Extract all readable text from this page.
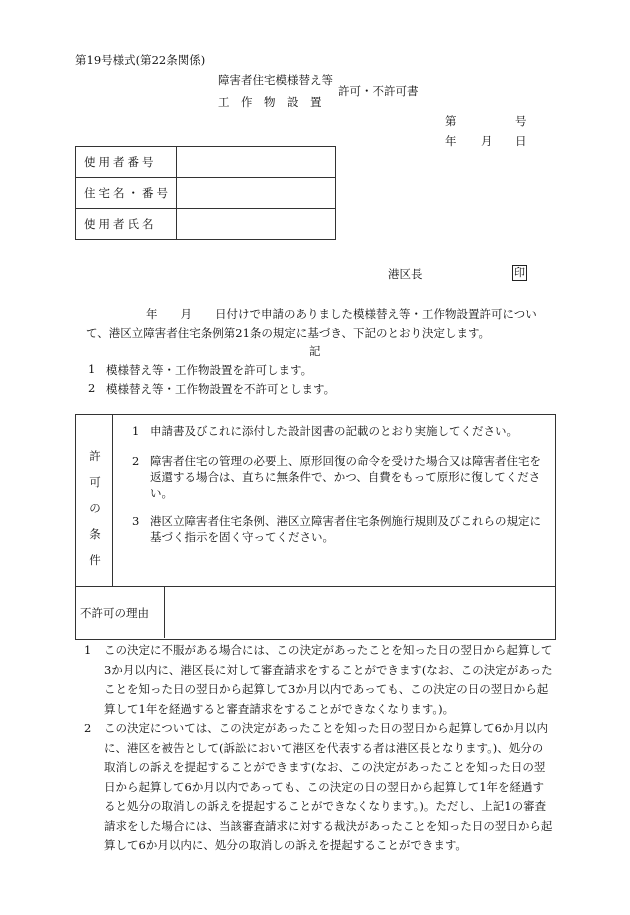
第19号様式(第22条関係)
障害者住宅模様替え等
工　作　物　設　置
許可・不許可書
第	号
年 月 日
使用者番号	
住宅名・番号	
使用者氏名	
港区長	印
年　　月　　日付けで申請のありました模様替え等・工作物設置許可につい
て、港区立障害者住宅条例第21条の規定に基づき、下記のとおり決定します。
記
1 模様替え等・工作物設置を許可します。
2 模様替え等・工作物設置を不許可とします。
許
可
の
条
件
1 申請書及びこれに添付した設計図書の記載のとおり実施してください。
2 障害者住宅の管理の必要上、原形回復の命令を受けた場合又は障害者住宅を返還する場合は、直ちに無条件で、かつ、自費をもって原形に復してください。
3 港区立障害者住宅条例、港区立障害者住宅条例施行規則及びこれらの規定に基づく指示を固く守ってください。
不許可の理由

1 この決定に不服がある場合には、この決定があったことを知った日の翌日から起算して3か月以内に、港区長に対して審査請求をすることができます(なお、この決定があったことを知った日の翌日から起算して3か月以内であっても、この決定の日の翌日から起算して1年を経過すると審査請求をすることができなくなります。)。

2 この決定については、この決定があったことを知った日の翌日から起算して6か月以内に、港区を被告として(訴訟において港区を代表する者は港区長となります。)、処分の取消しの訴えを提起することができます(なお、この決定があったことを知った日の翌日から起算して6か月以内であっても、この決定の日の翌日から起算して1年を経過すると処分の取消しの訴えを提起することができなくなります。)。ただし、上記1の審査請求をした場合には、当該審査請求に対する裁決があったことを知った日の翌日から起算して6か月以内に、処分の取消しの訴えを提起することができます。
